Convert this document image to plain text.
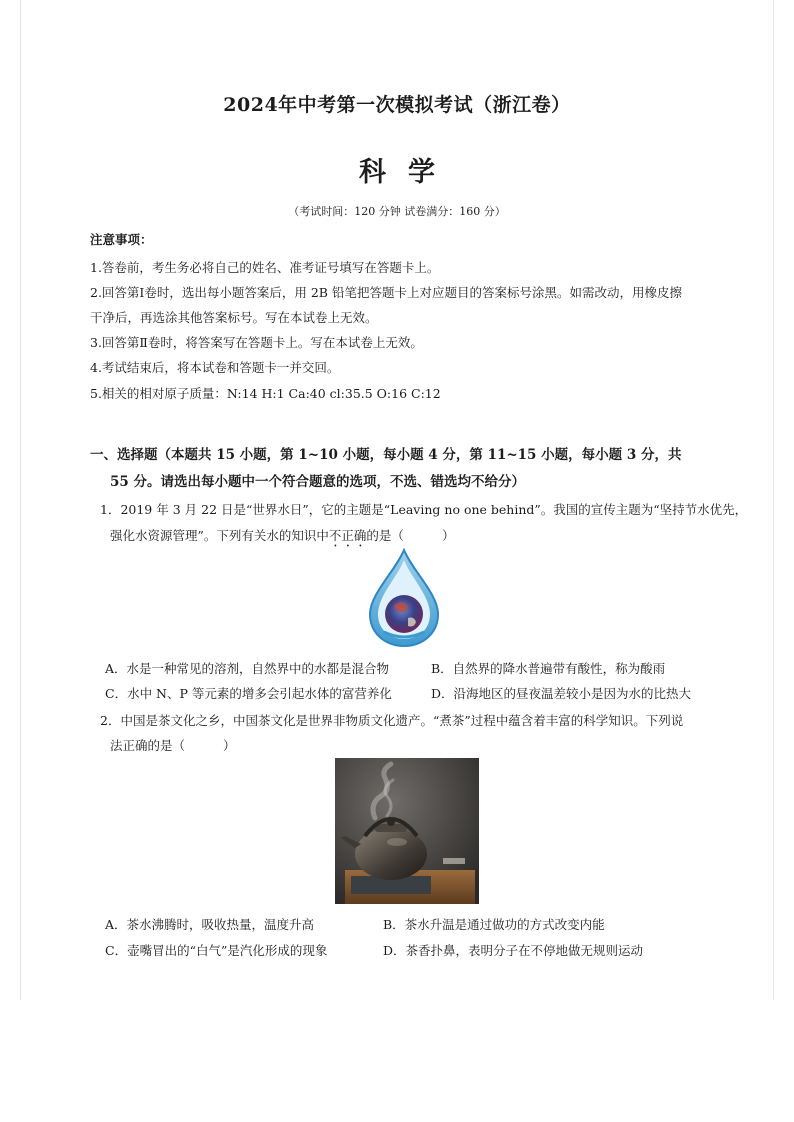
2024年中考第一次模拟考试（浙江卷）
科学
（考试时间：120 分钟 试卷满分：160 分）
注意事项：
1.答卷前，考生务必将自己的姓名、准考证号填写在答题卡上。
2.回答第Ⅰ卷时，选出每小题答案后，用 2B 铅笔把答题卡上对应题目的答案标号涂黑。如需改动，用橡皮擦
干净后，再选涂其他答案标号。写在本试卷上无效。
3.回答第Ⅱ卷时，将答案写在答题卡上。写在本试卷上无效。
4.考试结束后，将本试卷和答题卡一并交回。
5.相关的相对原子质量：N:14 H:1 Ca:40 cl:35.5 O:16 C:12
一、选择题（本题共 15 小题，第 1~10 小题，每小题 4 分，第 11~15 小题，每小题 3 分，共
55 分。请选出每小题中一个符合题意的选项，不选、错选均不给分）
1．2019 年 3 月 22 日是“世界水日”，它的主题是“Leaving no one behind”。我国的宣传主题为“坚持节水优先，
强化水资源管理”。下列有关水的知识中不正确的是（	）
A．水是一种常见的溶剂，自然界中的水都是混合物	B．自然界的降水普遍带有酸性，称为酸雨
C．水中 N、P 等元素的增多会引起水体的富营养化	D．沿海地区的昼夜温差较小是因为水的比热大
2．中国是茶文化之乡，中国茶文化是世界非物质文化遗产。“煮茶”过程中蕴含着丰富的科学知识。下列说
法正确的是（	）
A．茶水沸腾时，吸收热量，温度升高	B．茶水升温是通过做功的方式改变内能
C．壶嘴冒出的“白气”是汽化形成的现象	D．茶香扑鼻，表明分子在不停地做无规则运动
